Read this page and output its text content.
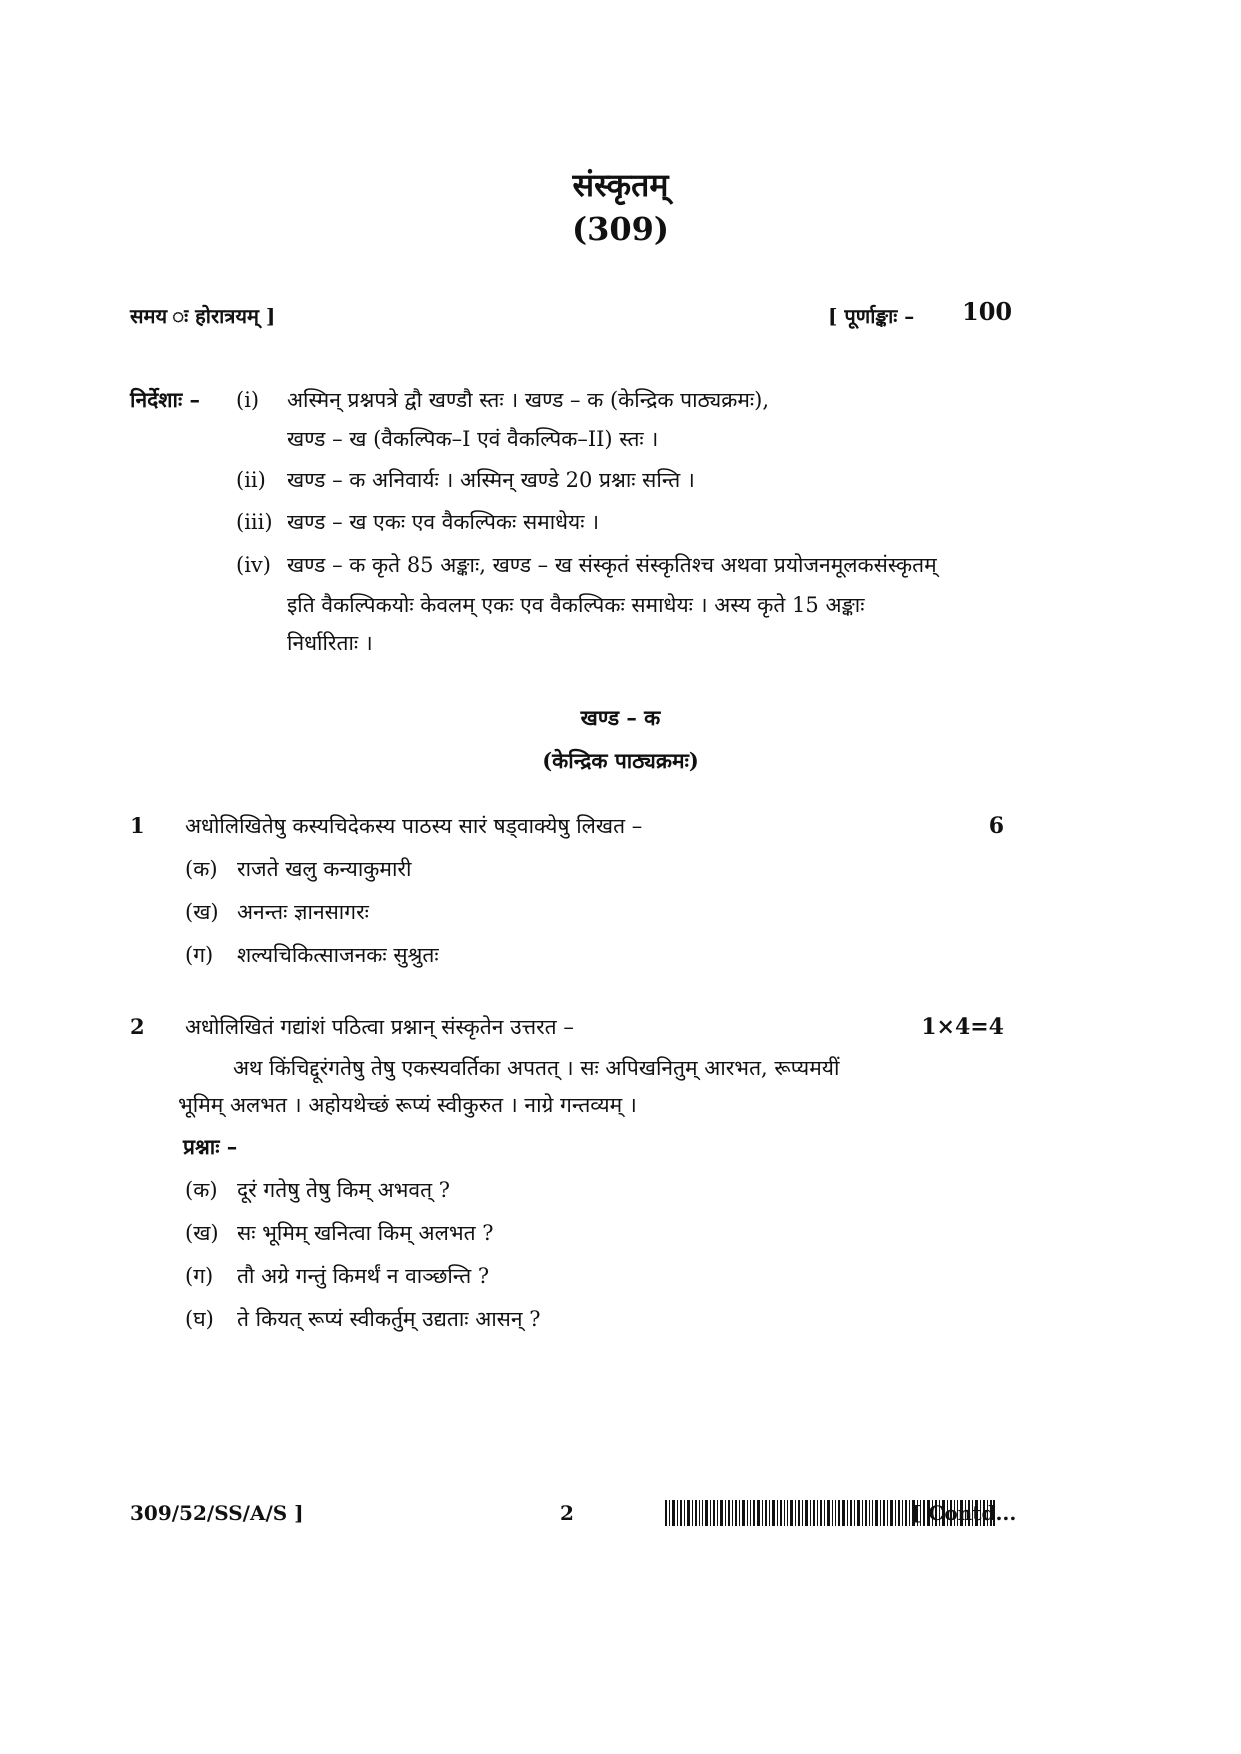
संस्कृतम्
(309)
समय ः होरात्रयम् ]	[ पूर्णाङ्काः – 100
निर्देशाः – (i) अस्मिन् प्रश्नपत्रे द्वौ खण्डौ स्तः । खण्ड – क (केन्द्रिक पाठ्यक्रमः),
खण्ड – ख (वैकल्पिक–I एवं वैकल्पिक–II) स्तः ।
(ii) खण्ड – क अनिवार्यः । अस्मिन् खण्डे 20 प्रश्नाः सन्ति ।
(iii) खण्ड – ख एकः एव वैकल्पिकः समाधेयः ।
(iv) खण्ड – क कृते 85 अङ्काः, खण्ड – ख संस्कृतं संस्कृतिश्च अथवा प्रयोजनमूलकसंस्कृतम्
इति वैकल्पिकयोः केवलम् एकः एव वैकल्पिकः समाधेयः । अस्य कृते 15 अङ्काः
निर्धारिताः ।
खण्ड – क
(केन्द्रिक पाठ्यक्रमः)
1 अधोलिखितेषु कस्यचिदेकस्य पाठस्य सारं षड्वाक्येषु लिखत –	6
(क) राजते खलु कन्याकुमारी
(ख) अनन्तः ज्ञानसागरः
(ग) शल्यचिकित्साजनकः सुश्रुतः
2 अधोलिखितं गद्यांशं पठित्वा प्रश्नान् संस्कृतेन उत्तरत –	1×4=4
अथ किंचिद्दूरंगतेषु तेषु एकस्यवर्तिका अपतत् । सः अपिखनितुम् आरभत, रूप्यमयीं
भूमिम् अलभत । अहोयथेच्छं रूप्यं स्वीकुरुत । नाग्रे गन्तव्यम् ।
प्रश्नाः –
(क) दूरं गतेषु तेषु किम् अभवत् ?
(ख) सः भूमिम् खनित्वा किम् अलभत ?
(ग) तौ अग्रे गन्तुं किमर्थं न वाञ्छन्ति ?
(घ) ते कियत् रूप्यं स्वीकर्तुम् उद्यताः आसन् ?
309/52/SS/A/S ]	2	[ Contd...
